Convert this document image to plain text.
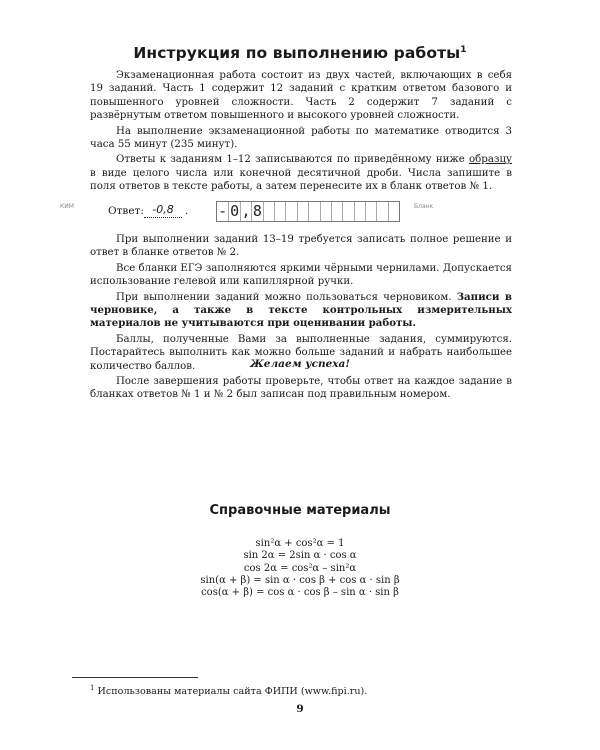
Инструкция по выполнению работы$^1$

Экзаменационная работа состоит из двух частей, включающих в себя 19 заданий. Часть 1 содержит 12 заданий с кратким ответом базового и повышенного уровней сложности. Часть 2 содержит 7 заданий с развёрнутым ответом повышенного и высокого уровней сложности.

На выполнение экзаменационной работы по математике отводится 3 часа 55 минут (235 минут).

Ответы к заданиям 1–12 записываются по приведённому ниже образцу в виде целого числа или конечной десятичной дроби. Числа запишите в поля ответов в тексте работы, а затем перенесите их в бланк ответов № 1.

КИМ	Ответ: -0,8	. - 0 , 8	Бланк

При выполнении заданий 13–19 требуется записать полное решение и ответ в бланке ответов № 2.

Все бланки ЕГЭ заполняются яркими чёрными чернилами. Допускается использование гелевой или капиллярной ручки.

При выполнении заданий можно пользоваться черновиком. Записи в черновике, а также в тексте контрольных измерительных материалов не учитываются при оценивании работы.

Баллы, полученные Вами за выполненные задания, суммируются. Постарайтесь выполнить как можно больше заданий и набрать наибольшее количество баллов.

После завершения работы проверьте, чтобы ответ на каждое задание в бланках ответов № 1 и № 2 был записан под правильным номером.

Желаем успеха!
Справочные материалы
sin²α + cos²α = 1
sin 2α = 2sin α · cos α
cos 2α = cos²α – sin²α
sin(α + β) = sin α · cos β + cos α · sin β
cos(α + β) = cos α · cos β – sin α · sin β
$^1$ Использованы материалы сайта ФИПИ (www.fipi.ru).
9
